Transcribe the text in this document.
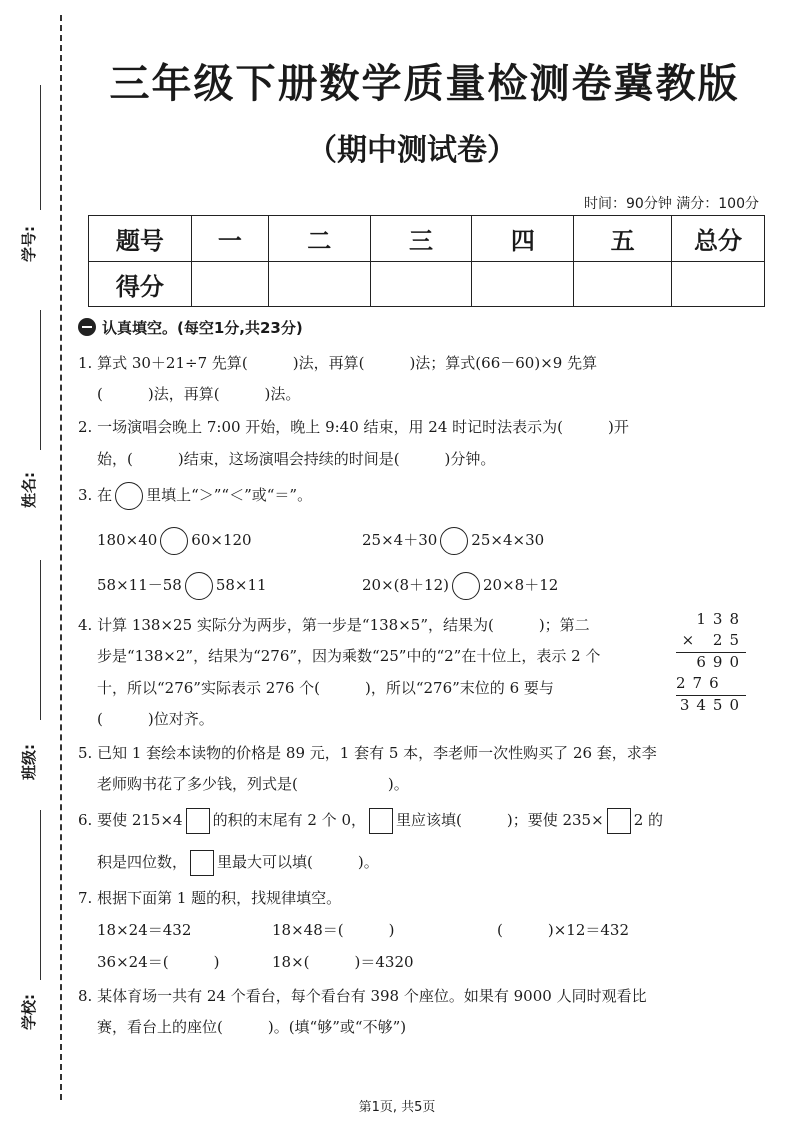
学号:
姓名:
班级:
学校:
三年级下册数学质量检测卷冀教版
（期中测试卷）
时间：90分钟 满分：100分
题号	一	二	三	四	五	总分
得分						
认真填空。(每空1分,共23分)
1. 算式 30＋21÷7 先算(　　　)法，再算(　　　)法；算式(66－60)×9 先算
(　　　)法，再算(　　　)法。
2. 一场演唱会晚上 7:00 开始，晚上 9:40 结束，用 24 时记时法表示为(　　　)开
始，(　　　)结束，这场演唱会持续的时间是(　　　)分钟。
3. 在 里填上“＞”“＜”或“＝”。
180×40 60×120	25×4＋30 25×4×30
58×11－58 58×11	20×(8＋12) 20×8＋12
4. 计算 138×25 实际分为两步，第一步是“138×5”，结果为(　　　)；第二
步是“138×2”，结果为“276”，因为乘数“25”中的“2”在十位上，表示 2 个
十，所以“276”实际表示 276 个(　　　)，所以“276”末位的 6 要与
(　　　)位对齐。
138
× 25
690
276
3450
5. 已知 1 套绘本读物的价格是 89 元，1 套有 5 本，李老师一次性购买了 26 套，求李
老师购书花了多少钱，列式是(　　　　　　)。
6. 要使 215×4 的积的末尾有 2 个 0， 里应该填(　　　)；要使 235× 2 的
积是四位数， 里最大可以填(　　　)。
7. 根据下面第 1 题的积，找规律填空。
18×24＝432	18×48＝(　　　)	(　　　)×12＝432
36×24＝(　　　)	18×(　　　)＝4320
8. 某体育场一共有 24 个看台，每个看台有 398 个座位。如果有 9000 人同时观看比
赛，看台上的座位(　　　)。(填“够”或“不够”)
第1页, 共5页
